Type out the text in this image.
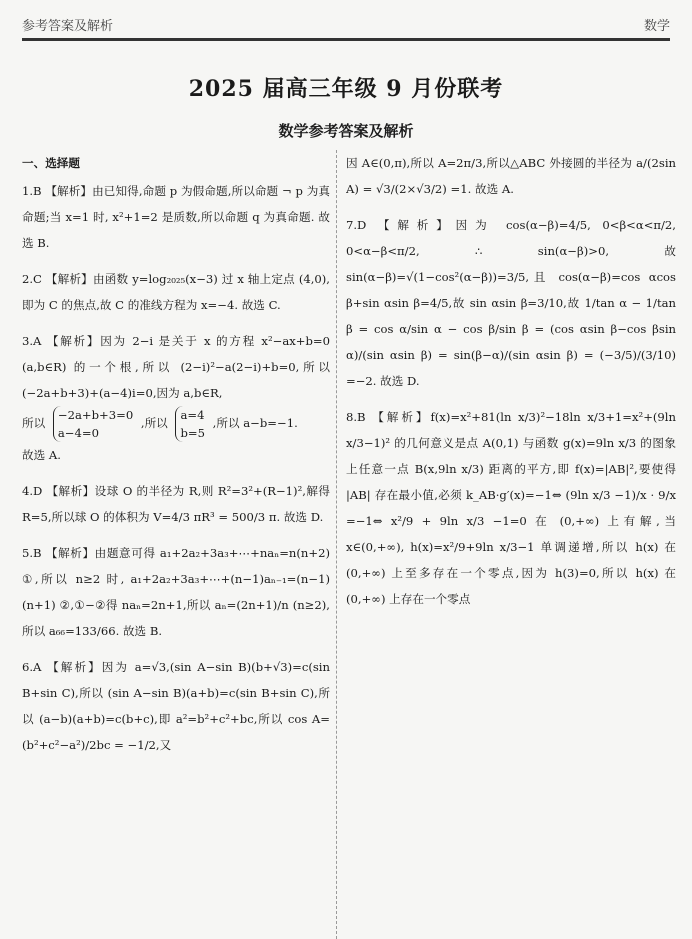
参考答案及解析	数学
2025 届高三年级 9 月份联考
数学参考答案及解析
一、选择题
1.B 【解析】由已知得,命题 p 为假命题,所以命题 ¬ p 为真命题;当 x=1 时, x²+1=2 是质数,所以命题 q 为真命题. 故选 B.
2.C 【解析】由函数 y=log₂₀₂₅(x−3) 过 x 轴上定点 (4,0),即为 C 的焦点,故 C 的准线方程为 x=−4. 故选 C.

3.A 【解析】因为 2−i 是关于 x 的方程 x²−ax+b=0 (a,b∈R) 的一个根,所以 (2−i)²−a(2−i)+b=0,所以 (−2a+b+3)+(a−4)i=0,因为 a,b∈R,

所以
−2a+b+3=0
a−4=0
,所以
a=4
b=5
,所以 a−b=−1.

故选 A.

4.D 【解析】设球 O 的半径为 R,则 R²=3²+(R−1)²,解得 R=5,所以球 O 的体积为 V=4/3 πR³ = 500/3 π. 故选 D.
5.B 【解析】由题意可得 a₁+2a₂+3a₃+⋯+naₙ=n(n+2) ①,所以 n≥2 时, a₁+2a₂+3a₃+⋯+(n−1)aₙ₋₁=(n−1)(n+1) ②,①−②得 naₙ=2n+1,所以 aₙ=(2n+1)/n (n≥2),所以 a₆₆=133/66. 故选 B.
6.A 【解析】因为 a=√3,(sin A−sin B)(b+√3)=c(sin B+sin C),所以 (sin A−sin B)(a+b)=c(sin B+sin C),所以 (a−b)(a+b)=c(b+c),即 a²=b²+c²+bc,所以 cos A=(b²+c²−a²)/2bc = −1/2,又
因 A∈(0,π),所以 A=2π/3,所以△ABC 外接圆的半径为 a/(2sin A) = √3/(2×√3/2) =1. 故选 A.
7.D 【解析】因为 cos(α−β)=4/5, 0<β<α<π/2, 0<α−β<π/2, ∴ sin(α−β)>0, 故 sin(α−β)=√(1−cos²(α−β))=3/5,且 cos(α−β)=cos αcos β+sin αsin β=4/5,故 sin αsin β=3/10,故 1/tan α − 1/tan β = cos α/sin α − cos β/sin β = (cos αsin β−cos βsin α)/(sin αsin β) = sin(β−α)/(sin αsin β) = (−3/5)/(3/10) =−2. 故选 D.
8.B 【解析】f(x)=x²+81(ln x/3)²−18ln x/3+1=x²+(9ln x/3−1)² 的几何意义是点 A(0,1) 与函数 g(x)=9ln x/3 的图象上任意一点 B(x,9ln x/3) 距离的平方,即 f(x)=|AB|²,要使得 |AB| 存在最小值,必须 k_AB·g′(x)=−1⇔ (9ln x/3 −1)/x · 9/x =−1⇔ x²/9 + 9ln x/3 −1=0 在 (0,+∞) 上有解,当 x∈(0,+∞), h(x)=x²/9+9ln x/3−1 单调递增,所以 h(x) 在 (0,+∞) 上至多存在一个零点,因为 h(3)=0,所以 h(x) 在 (0,+∞) 上存在一个零点
